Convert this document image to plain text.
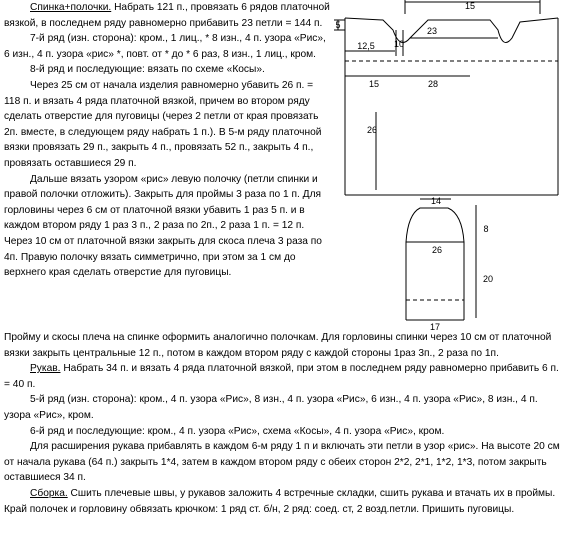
Спинка+полочки. Набрать 121 п., провязать 6 рядов платочной вязкой, в последнем ряду равномерно прибавить 23 петли = 144 п.

7-й ряд (изн. сторона): кром., 1 лиц., * 8 изн., 4 п. узора «Рис», 6 изн., 4 п. узора «рис» *, повт. от * до * 6 раз, 8 изн., 1 лиц., кром.

8-й ряд и последующие: вязать по схеме «Косы».

Через 25 см от начала изделия равномерно убавить 26 п. = 118 п. и вязать 4 ряда платочной вязкой, причем во втором ряду сделать отверстие для пуговицы (через 2 петли от края провязать 2п. вместе, в следующем ряду набрать 1 п.). В 5-м ряду платочной вязки провязать 29 п., закрыть 4 п., провязать 52 п., закрыть 4 п., провязать оставшиеся 29 п.

Дальше вязать узором «рис» левую полочку (петли спинки и правой полочки отложить). Закрыть для проймы 3 раза по 1 п. Для горловины через 6 см от платочной вязки убавить 1 раз 5 п. и в каждом втором ряду 1 раз 3 п., 2 раза по 2п., 2 раза 1 п. = 12 п. Через 10 см от платочной вязки закрыть для скоса плеча 3 раза по 4п. Правую полочку вязать симметрично, при этом за 1 см до верхнего края сделать отверстие для пуговицы.

Пройму и скосы плеча на спинке оформить аналогично полочкам. Для горловины спинки через 10 см от платочной вязки закрыть центральные 12 п., потом в каждом втором ряду с каждой стороны 1раз 3п., 2 раза по 1п.

Рукав. Набрать 34 п. и вязать 4 ряда платочной вязкой, при этом в последнем ряду равномерно прибавить 6 п. = 40 п.

5-й ряд (изн. сторона): кром., 4 п. узора «Рис», 8 изн., 4 п. узора «Рис», 6 изн., 4 п. узора «Рис», 8 изн., 4 п. узора «Рис», кром.

6-й ряд и последующие: кром., 4 п. узора «Рис», схема «Косы», 4 п. узора «Рис», кром.

Для расширения рукава прибавлять в каждом 6-м ряду 1 п и включать эти петли в узор «рис». На высоте 20 см от начала рукава (64 п.) закрыть 1*4, затем в каждом втором ряду с обеих сторон 2*2, 2*1, 1*2, 1*3, потом закрыть оставшиеся 34 п.

Сборка. Сшить плечевые швы, у рукавов заложить 4 встречные складки, сшить рукава и втачать их в проймы. Край полочек и горловину обвязать крючком: 1 ряд ст. б/н, 2 ряд: соед. ст, 2 возд.петли. Пришить пуговицы.

15
5
12,5 10
23
15	28
26
14
8
26
20
17
